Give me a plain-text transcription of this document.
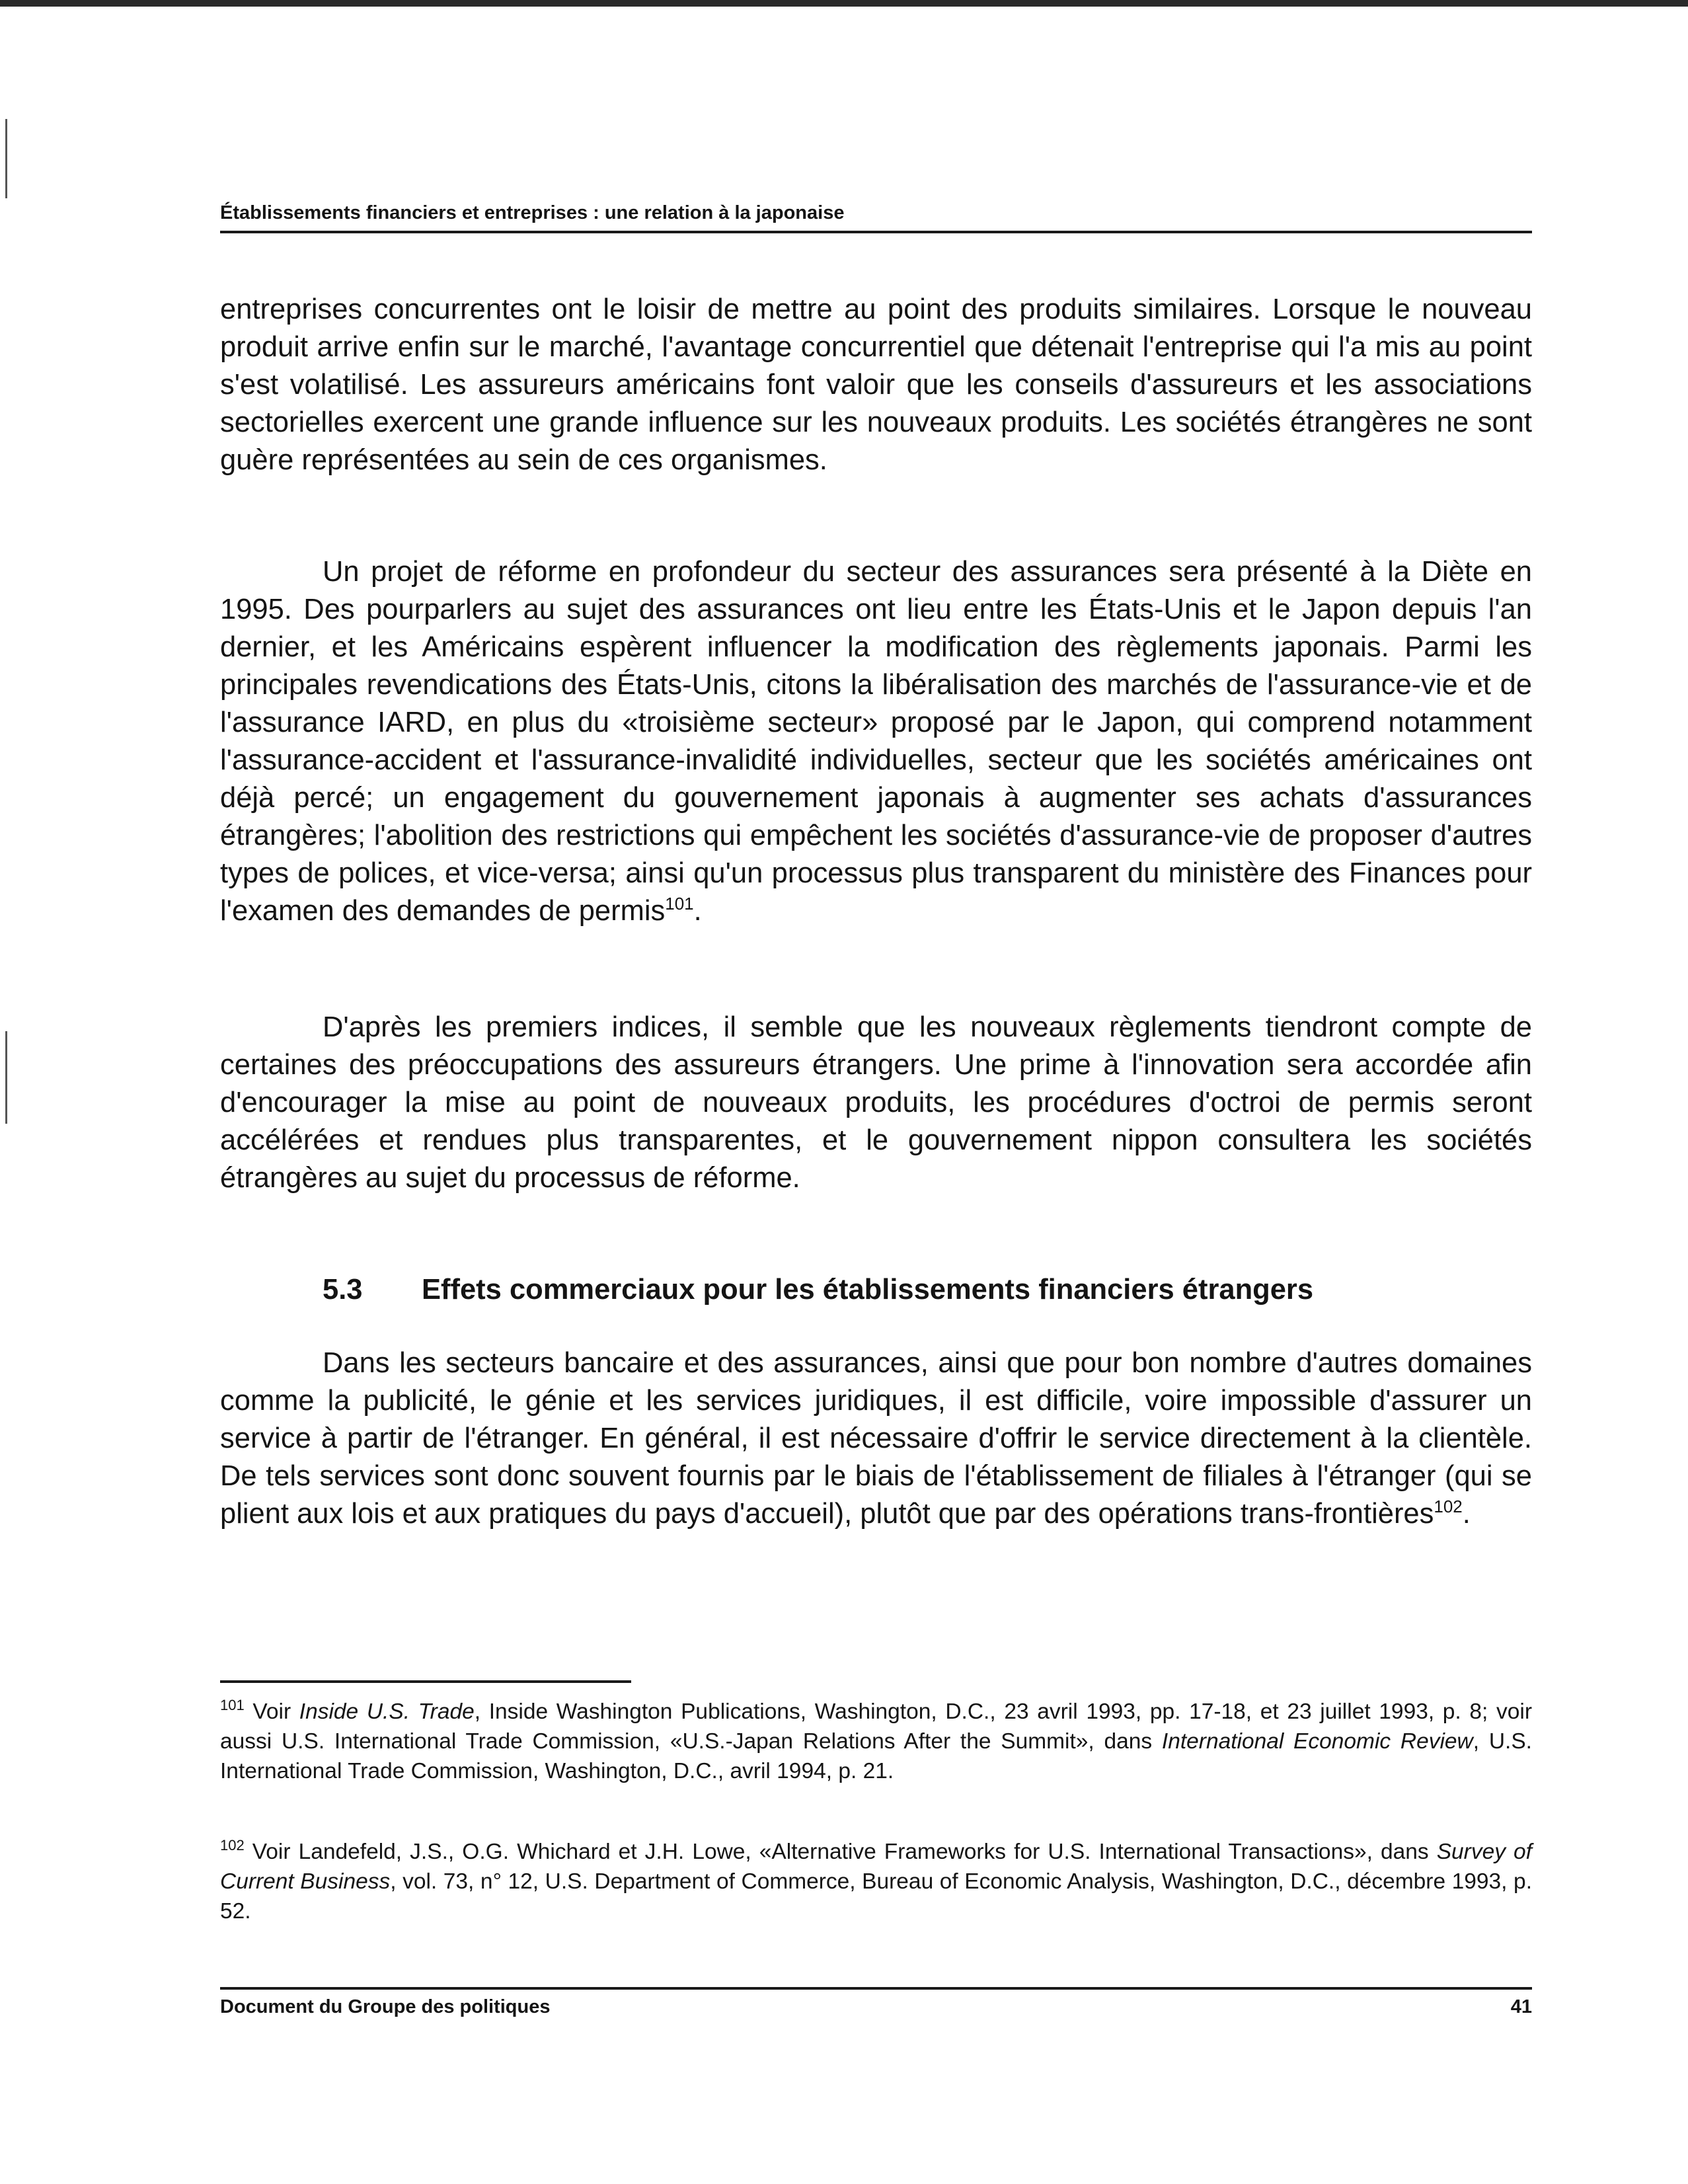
Établissements financiers et entreprises : une relation à la japonaise

entreprises concurrentes ont le loisir de mettre au point des produits similaires. Lorsque le nouveau produit arrive enfin sur le marché, l'avantage concurrentiel que détenait l'entreprise qui l'a mis au point s'est volatilisé. Les assureurs américains font valoir que les conseils d'assureurs et les associations sectorielles exercent une grande influence sur les nouveaux produits. Les sociétés étrangères ne sont guère représentées au sein de ces organismes.

Un projet de réforme en profondeur du secteur des assurances sera présenté à la Diète en 1995. Des pourparlers au sujet des assurances ont lieu entre les États-Unis et le Japon depuis l'an dernier, et les Américains espèrent influencer la modification des règlements japonais. Parmi les principales revendications des États-Unis, citons la libéralisation des marchés de l'assurance-vie et de l'assurance IARD, en plus du «troisième secteur» proposé par le Japon, qui comprend notamment l'assurance-accident et l'assurance-invalidité individuelles, secteur que les sociétés américaines ont déjà percé; un engagement du gouvernement japonais à augmenter ses achats d'assurances étrangères; l'abolition des restrictions qui empêchent les sociétés d'assurance-vie de proposer d'autres types de polices, et vice-versa; ainsi qu'un processus plus transparent du ministère des Finances pour l'examen des demandes de permis$^{101}$.

D'après les premiers indices, il semble que les nouveaux règlements tiendront compte de certaines des préoccupations des assureurs étrangers. Une prime à l'innovation sera accordée afin d'encourager la mise au point de nouveaux produits, les procédures d'octroi de permis seront accélérées et rendues plus transparentes, et le gouvernement nippon consultera les sociétés étrangères au sujet du processus de réforme.

5.3 Effets commerciaux pour les établissements financiers étrangers

Dans les secteurs bancaire et des assurances, ainsi que pour bon nombre d'autres domaines comme la publicité, le génie et les services juridiques, il est difficile, voire impossible d'assurer un service à partir de l'étranger. En général, il est nécessaire d'offrir le service directement à la clientèle. De tels services sont donc souvent fournis par le biais de l'établissement de filiales à l'étranger (qui se plient aux lois et aux pratiques du pays d'accueil), plutôt que par des opérations trans-frontières$^{102}$.

$^{101}$ Voir Inside U.S. Trade, Inside Washington Publications, Washington, D.C., 23 avril 1993, pp. 17-18, et 23 juillet 1993, p. 8; voir aussi U.S. International Trade Commission, «U.S.-Japan Relations After the Summit», dans International Economic Review, U.S. International Trade Commission, Washington, D.C., avril 1994, p. 21.

$^{102}$ Voir Landefeld, J.S., O.G. Whichard et J.H. Lowe, «Alternative Frameworks for U.S. International Transactions», dans Survey of Current Business, vol. 73, n° 12, U.S. Department of Commerce, Bureau of Economic Analysis, Washington, D.C., décembre 1993, p. 52.

Document du Groupe des politiques	41
